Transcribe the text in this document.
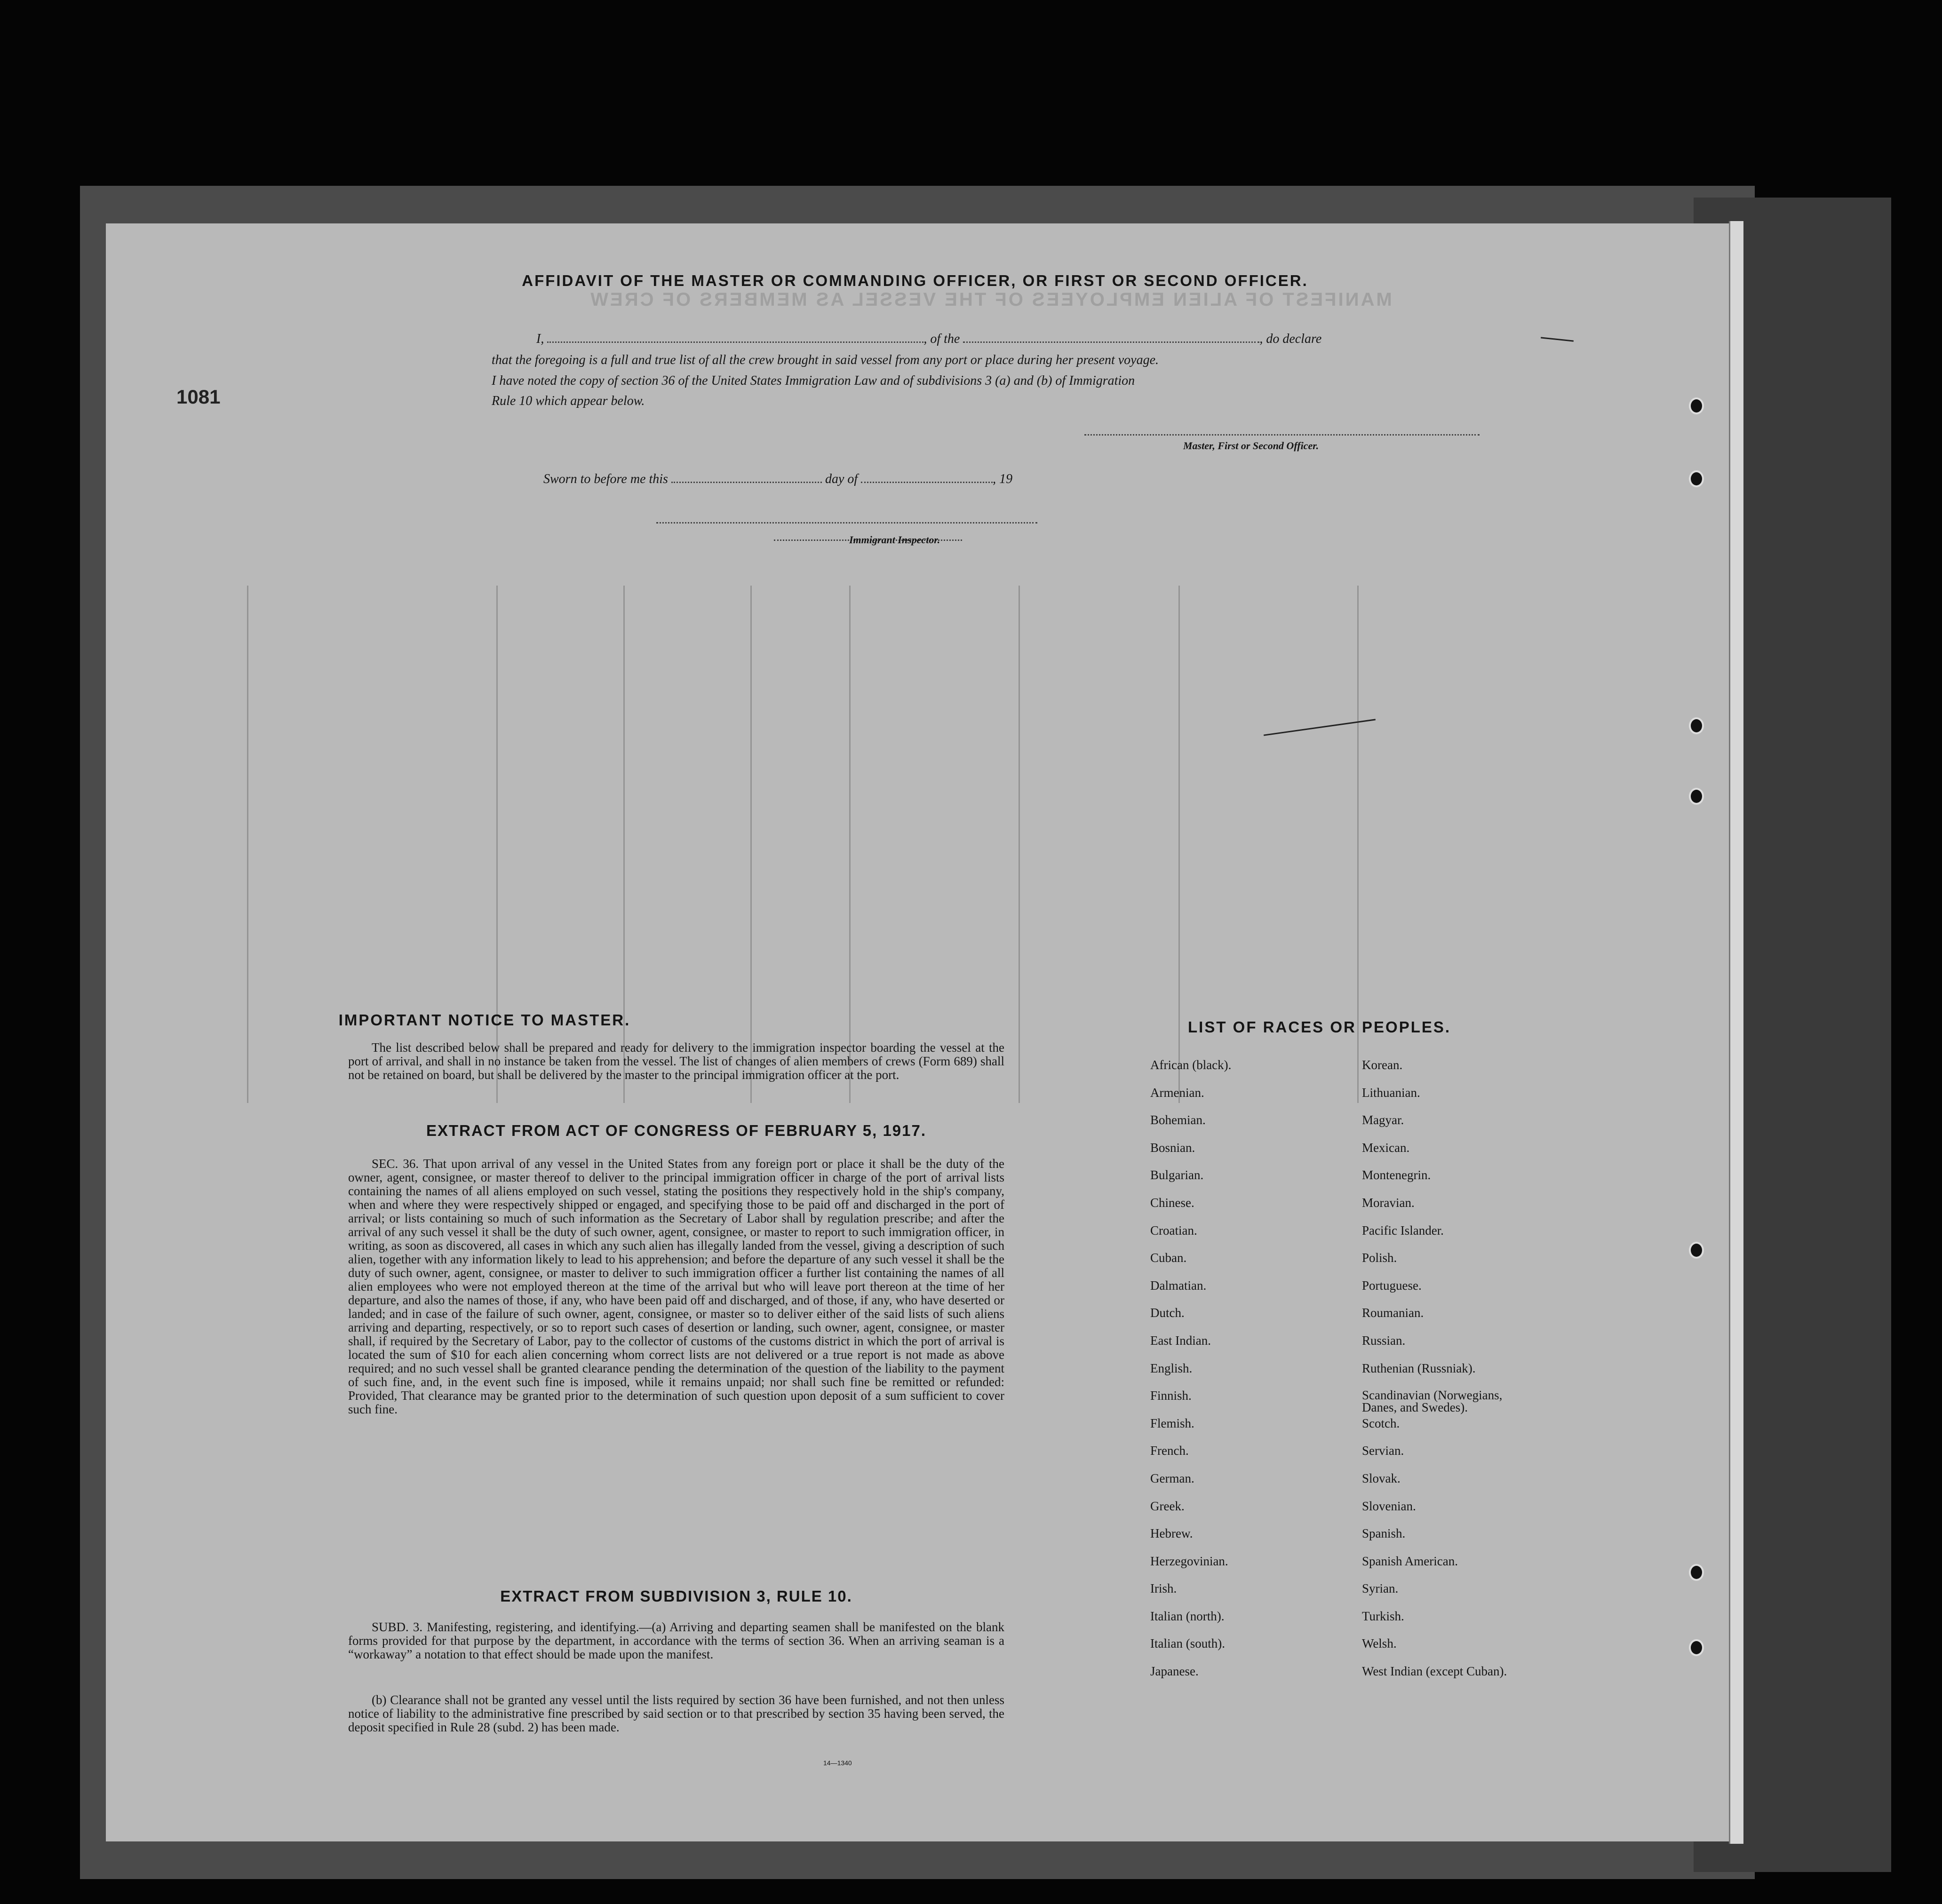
MANIFEST OF ALIEN EMPLOYEES OF THE VESSEL AS MEMBERS OF CREW
1081
AFFIDAVIT OF THE MASTER OR COMMANDING OFFICER, OR FIRST OR SECOND OFFICER.
I,	, of the	, do declare
that the foregoing is a full and true list of all the crew brought in said vessel from any port or place during her present voyage.
I have noted the copy of section 36 of the United States Immigration Law and of subdivisions 3 (a) and (b) of Immigration
Rule 10 which appear below.
Master, First or Second Officer.
Sworn to before me this	day of	, 19
Immigrant Inspector.
IMPORTANT NOTICE TO MASTER.
The list described below shall be prepared and ready for delivery to the immigration inspector boarding the vessel at the port of arrival, and shall in no instance be taken from the vessel. The list of changes of alien members of crews (Form 689) shall not be retained on board, but shall be delivered by the master to the principal immigration officer at the port.
EXTRACT FROM ACT OF CONGRESS OF FEBRUARY 5, 1917.
SEC. 36. That upon arrival of any vessel in the United States from any foreign port or place it shall be the duty of the owner, agent, consignee, or master thereof to deliver to the principal immigration officer in charge of the port of arrival lists containing the names of all aliens employed on such vessel, stating the positions they respectively hold in the ship's company, when and where they were respectively shipped or engaged, and specifying those to be paid off and discharged in the port of arrival; or lists containing so much of such information as the Secretary of Labor shall by regulation prescribe; and after the arrival of any such vessel it shall be the duty of such owner, agent, consignee, or master to report to such immigration officer, in writing, as soon as discovered, all cases in which any such alien has illegally landed from the vessel, giving a description of such alien, together with any information likely to lead to his apprehension; and before the departure of any such vessel it shall be the duty of such owner, agent, consignee, or master to deliver to such immigration officer a further list containing the names of all alien employees who were not employed thereon at the time of the arrival but who will leave port thereon at the time of her departure, and also the names of those, if any, who have been paid off and discharged, and of those, if any, who have deserted or landed; and in case of the failure of such owner, agent, consignee, or master so to deliver either of the said lists of such aliens arriving and departing, respectively, or so to report such cases of desertion or landing, such owner, agent, consignee, or master shall, if required by the Secretary of Labor, pay to the collector of customs of the customs district in which the port of arrival is located the sum of $10 for each alien concerning whom correct lists are not delivered or a true report is not made as above required; and no such vessel shall be granted clearance pending the determination of the question of the liability to the payment of such fine, and, in the event such fine is imposed, while it remains unpaid; nor shall such fine be remitted or refunded: Provided, That clearance may be granted prior to the determination of such question upon deposit of a sum sufficient to cover such fine.
EXTRACT FROM SUBDIVISION 3, RULE 10.
SUBD. 3. Manifesting, registering, and identifying.—(a) Arriving and departing seamen shall be manifested on the blank forms provided for that purpose by the department, in accordance with the terms of section 36. When an arriving seaman is a “workaway” a notation to that effect should be made upon the manifest.
(b) Clearance shall not be granted any vessel until the lists required by section 36 have been furnished, and not then unless notice of liability to the administrative fine prescribed by said section or to that prescribed by section 35 having been served, the deposit specified in Rule 28 (subd. 2) has been made.
14—1340
LIST OF RACES OR PEOPLES.
African (black).
Armenian.
Bohemian.
Bosnian.
Bulgarian.
Chinese.
Croatian.
Cuban.
Dalmatian.
Dutch.
East Indian.
English.
Finnish.
Flemish.
French.
German.
Greek.
Hebrew.
Herzegovinian.
Irish.
Italian (north).
Italian (south).
Japanese.
Korean.
Lithuanian.
Magyar.
Mexican.
Montenegrin.
Moravian.
Pacific Islander.
Polish.
Portuguese.
Roumanian.
Russian.
Ruthenian (Russniak).
Scandinavian (Norwegians, Danes, and Swedes).
Scotch.
Servian.
Slovak.
Slovenian.
Spanish.
Spanish American.
Syrian.
Turkish.
Welsh.
West Indian (except Cuban).
